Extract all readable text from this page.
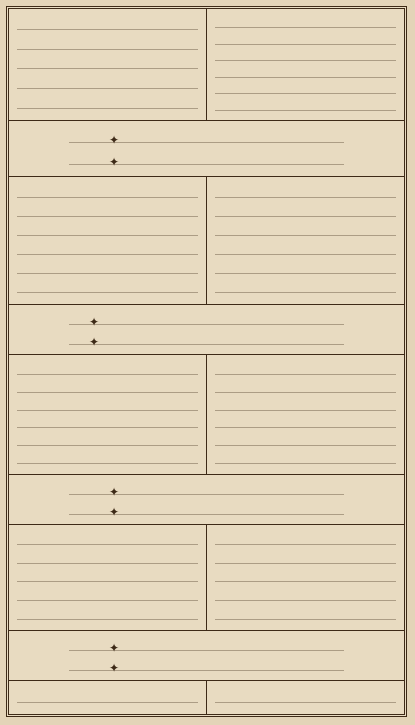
✦
✦
✦
✦
✦
✦
✦
✦
